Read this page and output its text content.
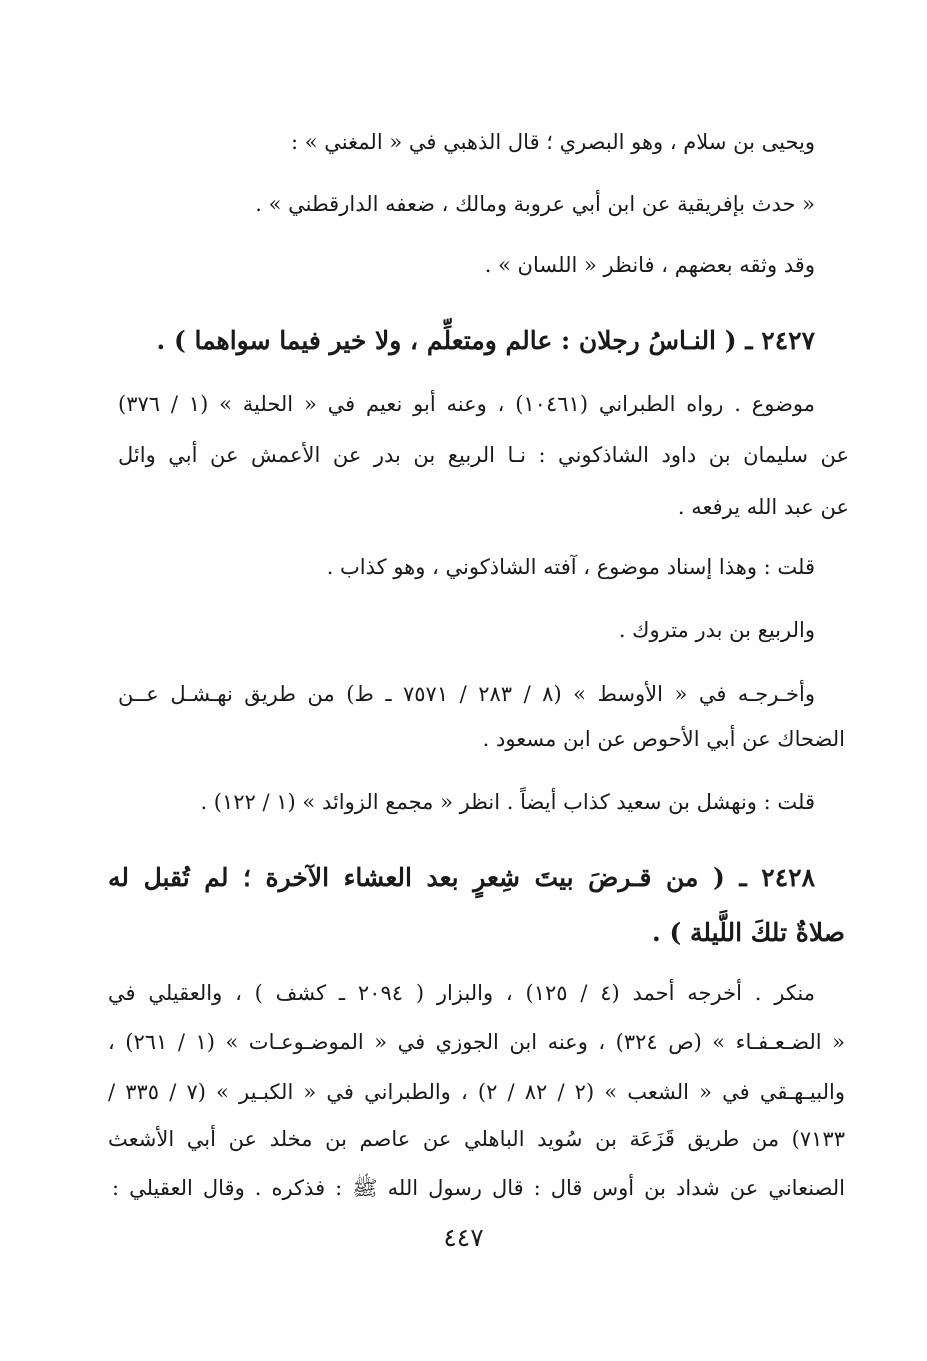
ويحيى بن سلام ، وهو البصري ؛ قال الذهبي في « المغني » :
« حدث بإفريقية عن ابن أبي عروبة ومالك ، ضعفه الدارقطني » .
وقد وثقه بعضهم ، فانظر « اللسان » .
٢٤٢٧ ـ ( النـاسُ رجلان : عالم ومتعلِّم ، ولا خير فيما سواهما ) .
موضوع . رواه الطبراني (١٠٤٦١) ، وعنه أبو نعيم في « الحلية » (١ / ٣٧٦)
عن سليمان بن داود الشاذكوني : نـا الربيع بن بدر عن الأعمش عن أبي وائل
عن عبد الله يرفعه .
قلت : وهذا إسناد موضوع ، آفته الشاذكوني ، وهو كذاب .
والربيع بن بدر متروك .
وأخـرجـه في « الأوسط » (٨ / ٢٨٣ / ٧٥٧١ ـ ط) من طريق نهـشـل عــن
الضحاك عن أبي الأحوص عن ابن مسعود .
قلت : ونهشل بن سعيد كذاب أيضاً . انظر « مجمع الزوائد » (١ / ١٢٢) .
٢٤٢٨ ـ ( من قـرضَ بيتَ شِعرٍ بعد العشاء الآخرة ؛ لم تُقبل له
صلاةٌ تلكَ اللَّيلة ) .
منكر . أخرجه أحمد (٤ / ١٢٥) ، والبزار ( ٢٠٩٤ ـ كشف ) ، والعقيلي في
« الضـعـفـاء » (ص ٣٢٤) ، وعنه ابن الجوزي في « الموضـوعـات » (١ / ٢٦١) ،
والبيـهـقي في « الشعب » (٢ / ٨٢ / ٢) ، والطبراني في « الكبـير » (٧ / ٣٣٥ /
٧١٣٣) من طريق قَزَعَة بن سُويد الباهلي عن عاصم بن مخلد عن أبي الأشعث
الصنعاني عن شداد بن أوس قال : قال رسول الله ﷺ : فذكره . وقال العقيلي :
٤٤٧
